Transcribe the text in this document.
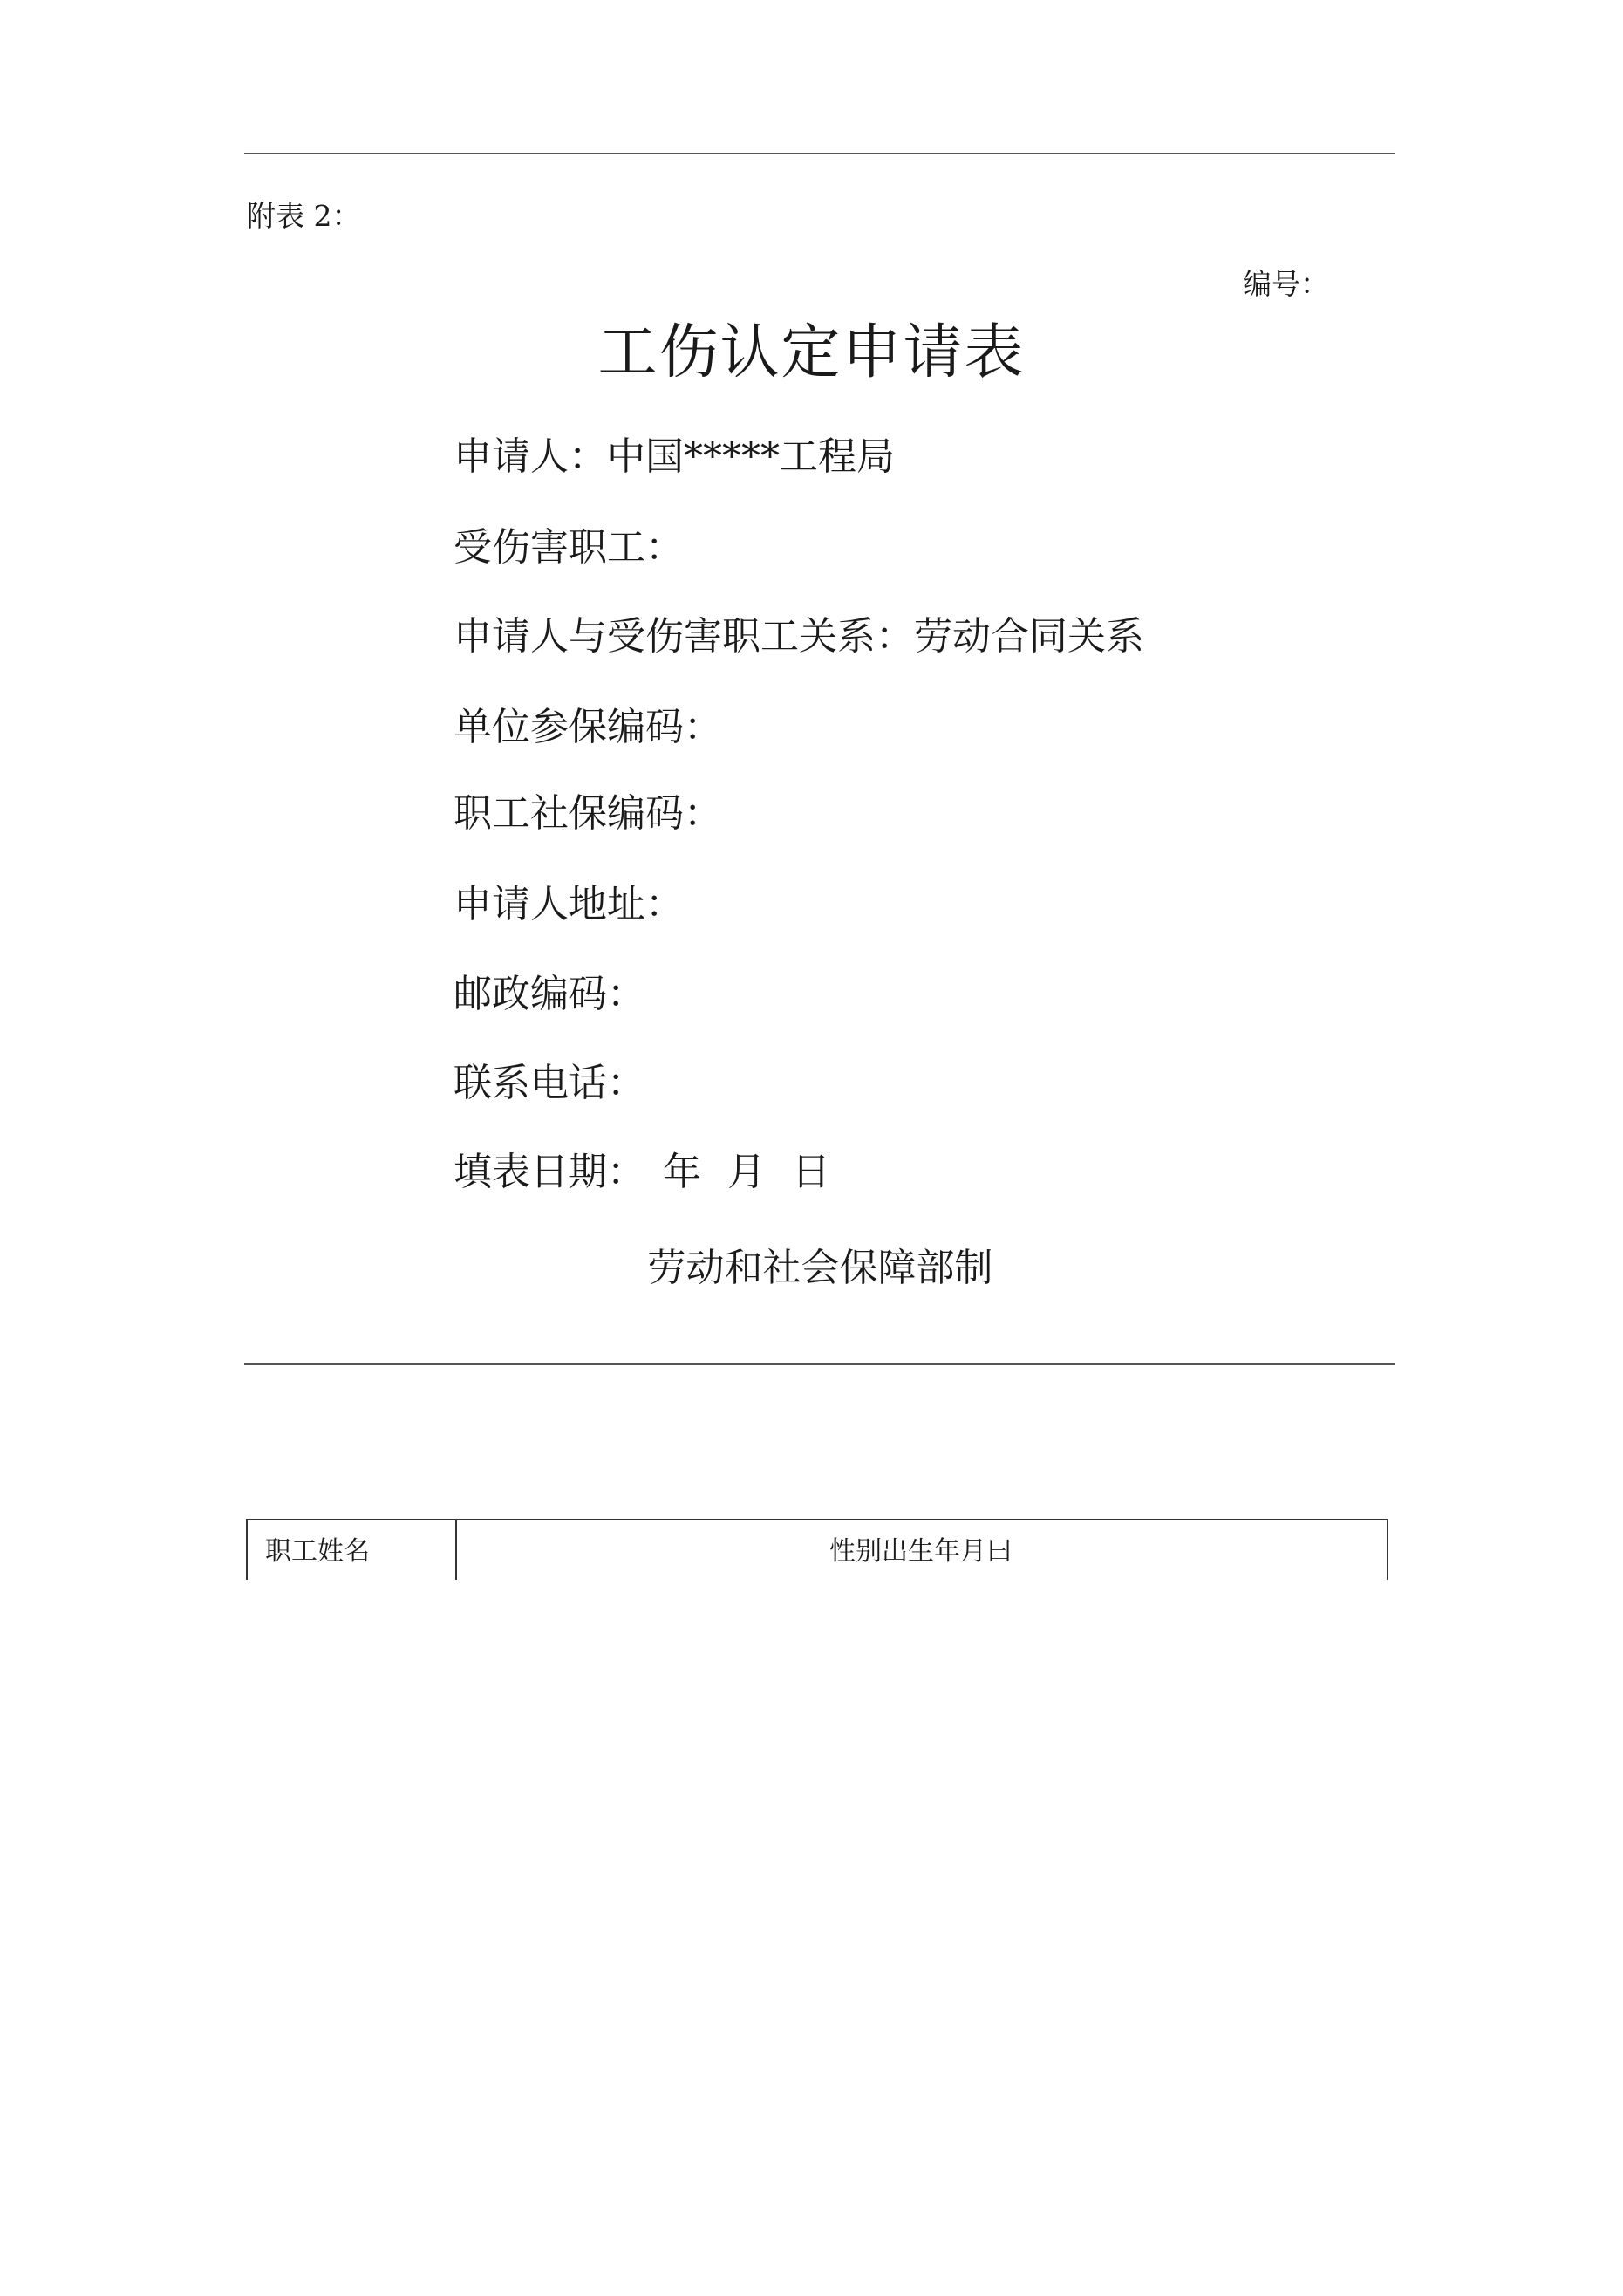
附表 2：
编号：
工伤认定申请表
申请人：中国*****工程局
受伤害职工：
申请人与受伤害职工关系：劳动合同关系
单位参保编码：
职工社保编码：
申请人地址：
邮政编码：
联系电话：
填表日期： 年 月 日
劳动和社会保障部制
职工姓名	性别出生年月曰
